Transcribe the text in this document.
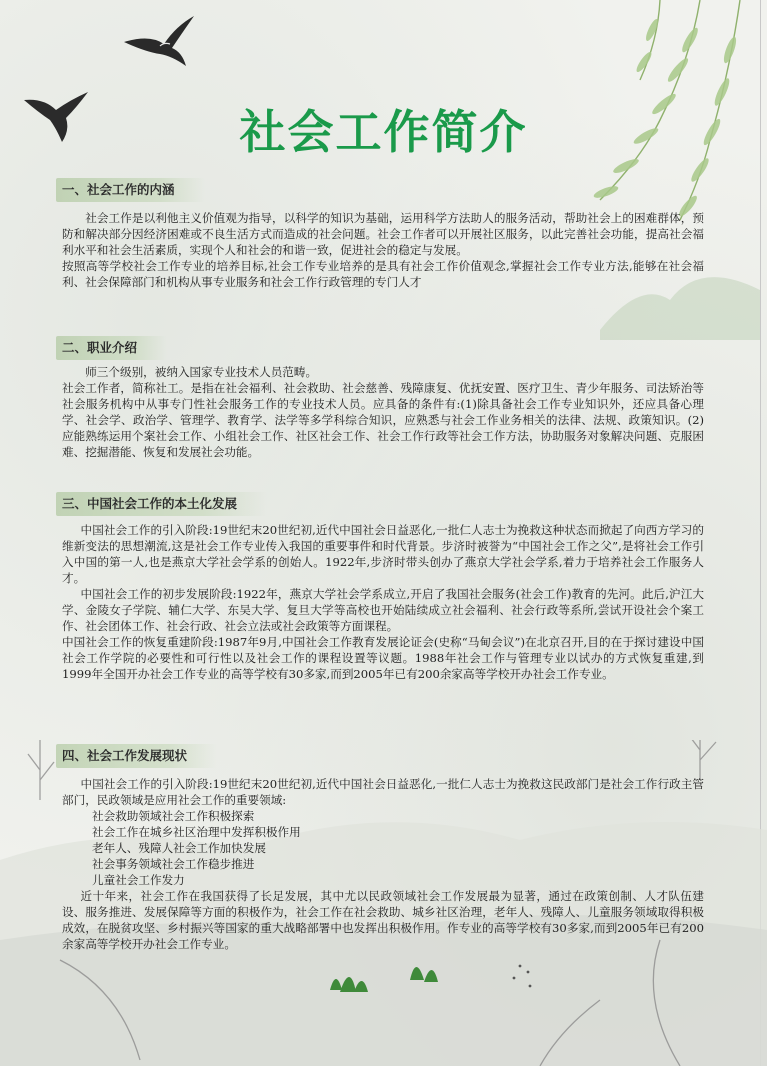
社会工作简介
一、社会工作的内涵

社会工作是以利他主义价值观为指导，以科学的知识为基础，运用科学方法助人的服务活动，帮助社会上的困难群体，预防和解决部分因经济困难或不良生活方式而造成的社会问题。社会工作者可以开展社区服务，以此完善社会功能，提高社会福利水平和社会生活素质，实现个人和社会的和谐一致，促进社会的稳定与发展。

按照高等学校社会工作专业的培养目标,社会工作专业培养的是具有社会工作价值观念,掌握社会工作专业方法,能够在社会福利、社会保障部门和机构从事专业服务和社会工作行政管理的专门人才

二、职业介绍

师三个级别，被纳入国家专业技术人员范畴。

社会工作者，简称社工。是指在社会福利、社会救助、社会慈善、残障康复、优抚安置、医疗卫生、青少年服务、司法矫治等社会服务机构中从事专门性社会服务工作的专业技术人员。应具备的条件有:(1)除具备社会工作专业知识外，还应具备心理学、社会学、政治学、管理学、教育学、法学等多学科综合知识，应熟悉与社会工作业务相关的法律、法规、政策知识。(2)应能熟练运用个案社会工作、小组社会工作、社区社会工作、社会工作行政等社会工作方法，协助服务对象解决问题、克服困难、挖掘潜能、恢复和发展社会功能。

三、中国社会工作的本土化发展

中国社会工作的引入阶段:19世纪末20世纪初,近代中国社会日益恶化,一批仁人志士为挽救这种状态而掀起了向西方学习的维新变法的思想潮流,这是社会工作专业传入我国的重要事件和时代背景。步济时被誉为“中国社会工作之父”,是将社会工作引入中国的第一人,也是燕京大学社会学系的创始人。1922年,步济时带头创办了燕京大学社会学系,着力于培养社会工作服务人才。

中国社会工作的初步发展阶段:1922年，燕京大学社会学系成立,开启了我国社会服务(社会工作)教育的先河。此后,沪江大学、金陵女子学院、辅仁大学、东吴大学、复旦大学等高校也开始陆续成立社会福利、社会行政等系所,尝试开设社会个案工作、社会团体工作、社会行政、社会立法或社会政策等方面课程。

中国社会工作的恢复重建阶段:1987年9月,中国社会工作教育发展论证会(史称“马甸会议”)在北京召开,目的在于探讨建设中国社会工作学院的必要性和可行性以及社会工作的课程设置等议题。1988年社会工作与管理专业以试办的方式恢复重建,到1999年全国开办社会工作专业的高等学校有30多家,而到2005年已有200余家高等学校开办社会工作专业。

四、社会工作发展现状

中国社会工作的引入阶段:19世纪末20世纪初,近代中国社会日益恶化,一批仁人志士为挽救这民政部门是社会工作行政主管部门，民政领域是应用社会工作的重要领域:

社会救助领域社会工作积极探索

社会工作在城乡社区治理中发挥积极作用

老年人、残障人社会工作加快发展

社会事务领域社会工作稳步推进

儿童社会工作发力

近十年来，社会工作在我国获得了长足发展，其中尤以民政领域社会工作发展最为显著，通过在政策创制、人才队伍建设、服务推进、发展保障等方面的积极作为，社会工作在社会救助、城乡社区治理，老年人、残障人、儿童服务领域取得积极成效，在脱贫攻坚、乡村振兴等国家的重大战略部署中也发挥出积极作用。作专业的高等学校有30多家,而到2005年已有200余家高等学校开办社会工作专业。
